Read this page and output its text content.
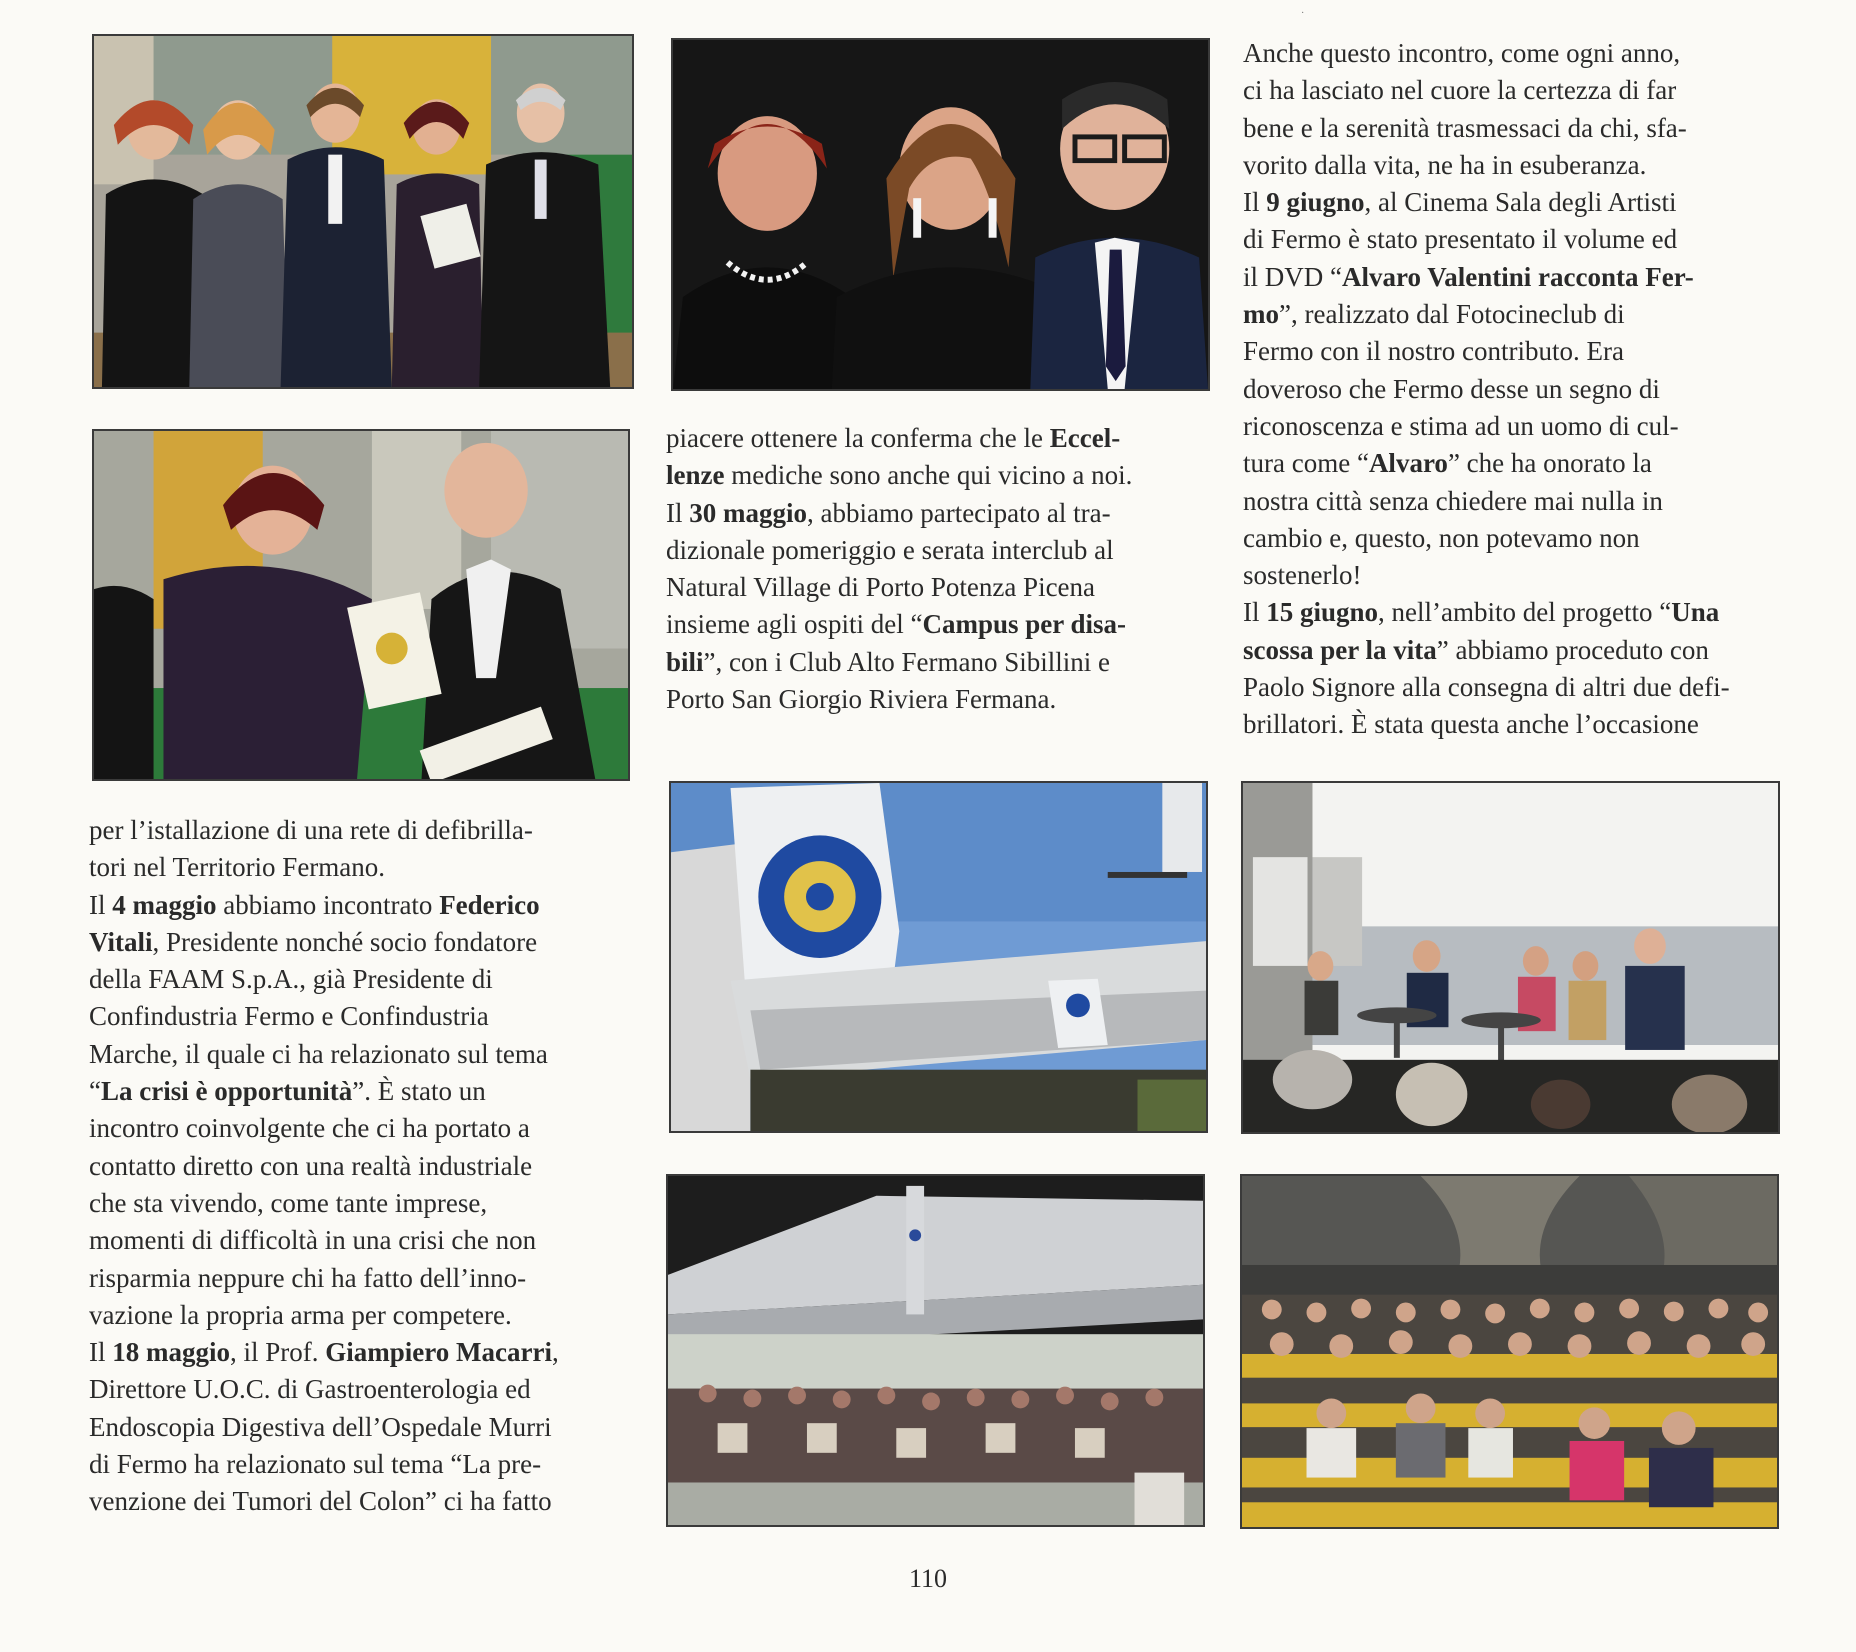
piacere ottenere la conferma che le Eccel-
lenze mediche sono anche qui vicino a noi.
Il 30 maggio, abbiamo partecipato al tra-
dizionale pomeriggio e serata interclub al
Natural Village di Porto Potenza Picena
insieme agli ospiti del “Campus per disa-
bili”, con i Club Alto Fermano Sibillini e
Porto San Giorgio Riviera Fermana.

Anche questo incontro, come ogni anno,
ci ha lasciato nel cuore la certezza di far
bene e la serenità trasmessaci da chi, sfa-
vorito dalla vita, ne ha in esuberanza.
Il 9 giugno, al Cinema Sala degli Artisti
di Fermo è stato presentato il volume ed
il DVD “Alvaro Valentini racconta Fer-
mo”, realizzato dal Fotocineclub di
Fermo con il nostro contributo. Era
doveroso che Fermo desse un segno di
riconoscenza e stima ad un uomo di cul-
tura come “Alvaro” che ha onorato la
nostra città senza chiedere mai nulla in
cambio e, questo, non potevamo non
sostenerlo!
Il 15 giugno, nell’ambito del progetto “Una
scossa per la vita” abbiamo proceduto con
Paolo Signore alla consegna di altri due defi-
brillatori. È stata questa anche l’occasione

per l’istallazione di una rete di defibrilla-
tori nel Territorio Fermano.
Il 4 maggio abbiamo incontrato Federico
Vitali, Presidente nonché socio fondatore
della FAAM S.p.A., già Presidente di
Confindustria Fermo e Confindustria
Marche, il quale ci ha relazionato sul tema
“La crisi è opportunità”. È stato un
incontro coinvolgente che ci ha portato a
contatto diretto con una realtà industriale
che sta vivendo, come tante imprese,
momenti di difficoltà in una crisi che non
risparmia neppure chi ha fatto dell’inno-
vazione la propria arma per competere.
Il 18 maggio, il Prof. Giampiero Macarri,
Direttore U.O.C. di Gastroenterologia ed
Endoscopia Digestiva dell’Ospedale Murri
di Fermo ha relazionato sul tema “La pre-
venzione dei Tumori del Colon” ci ha fatto

110
·
